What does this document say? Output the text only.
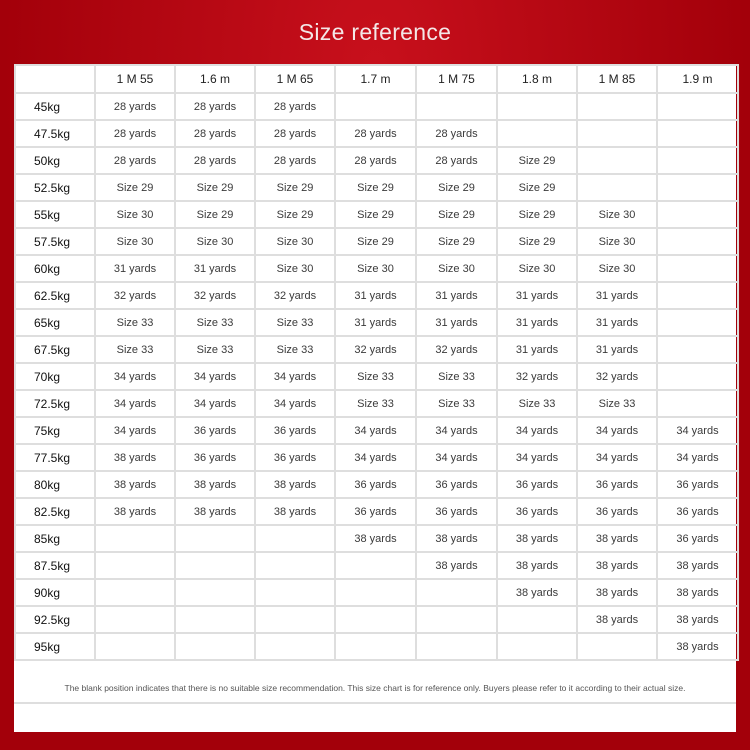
Size reference
	1 M 55	1.6 m	1 M 65	1.7 m	1 M 75	1.8 m	1 M 85	1.9 m
45kg	28 yards	28 yards	28 yards					
47.5kg	28 yards	28 yards	28 yards	28 yards	28 yards			
50kg	28 yards	28 yards	28 yards	28 yards	28 yards	Size 29		
52.5kg	Size 29	Size 29	Size 29	Size 29	Size 29	Size 29		
55kg	Size 30	Size 29	Size 29	Size 29	Size 29	Size 29	Size 30	
57.5kg	Size 30	Size 30	Size 30	Size 29	Size 29	Size 29	Size 30	
60kg	31 yards	31 yards	Size 30	Size 30	Size 30	Size 30	Size 30	
62.5kg	32 yards	32 yards	32 yards	31 yards	31 yards	31 yards	31 yards	
65kg	Size 33	Size 33	Size 33	31 yards	31 yards	31 yards	31 yards	
67.5kg	Size 33	Size 33	Size 33	32 yards	32 yards	31 yards	31 yards	
70kg	34 yards	34 yards	34 yards	Size 33	Size 33	32 yards	32 yards	
72.5kg	34 yards	34 yards	34 yards	Size 33	Size 33	Size 33	Size 33	
75kg	34 yards	36 yards	36 yards	34 yards	34 yards	34 yards	34 yards	34 yards
77.5kg	38 yards	36 yards	36 yards	34 yards	34 yards	34 yards	34 yards	34 yards
80kg	38 yards	38 yards	38 yards	36 yards	36 yards	36 yards	36 yards	36 yards
82.5kg	38 yards	38 yards	38 yards	36 yards	36 yards	36 yards	36 yards	36 yards
85kg				38 yards	38 yards	38 yards	38 yards	36 yards
87.5kg					38 yards	38 yards	38 yards	38 yards
90kg						38 yards	38 yards	38 yards
92.5kg							38 yards	38 yards
95kg								38 yards
The blank position indicates that there is no suitable size recommendation. This size chart is for reference only. Buyers please refer to it according to their actual size.
